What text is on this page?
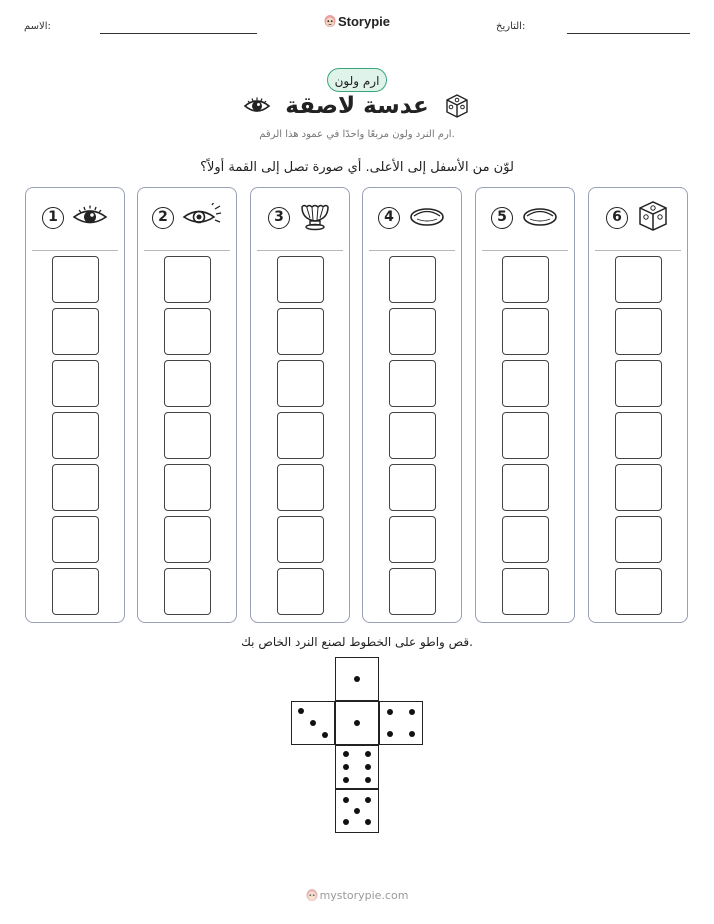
الاسم:	Storypie	التاريخ:
ارم ولون
عدسة لاصقة
ارم النرد ولون مربعًا واحدًا في عمود هذا الرقم.
لوّن من الأسفل إلى الأعلى. أي صورة تصل إلى القمة أولاً؟
1	2	3	4	5	6
قص واطو على الخطوط لصنع النرد الخاص بك.
mystorypie.com
